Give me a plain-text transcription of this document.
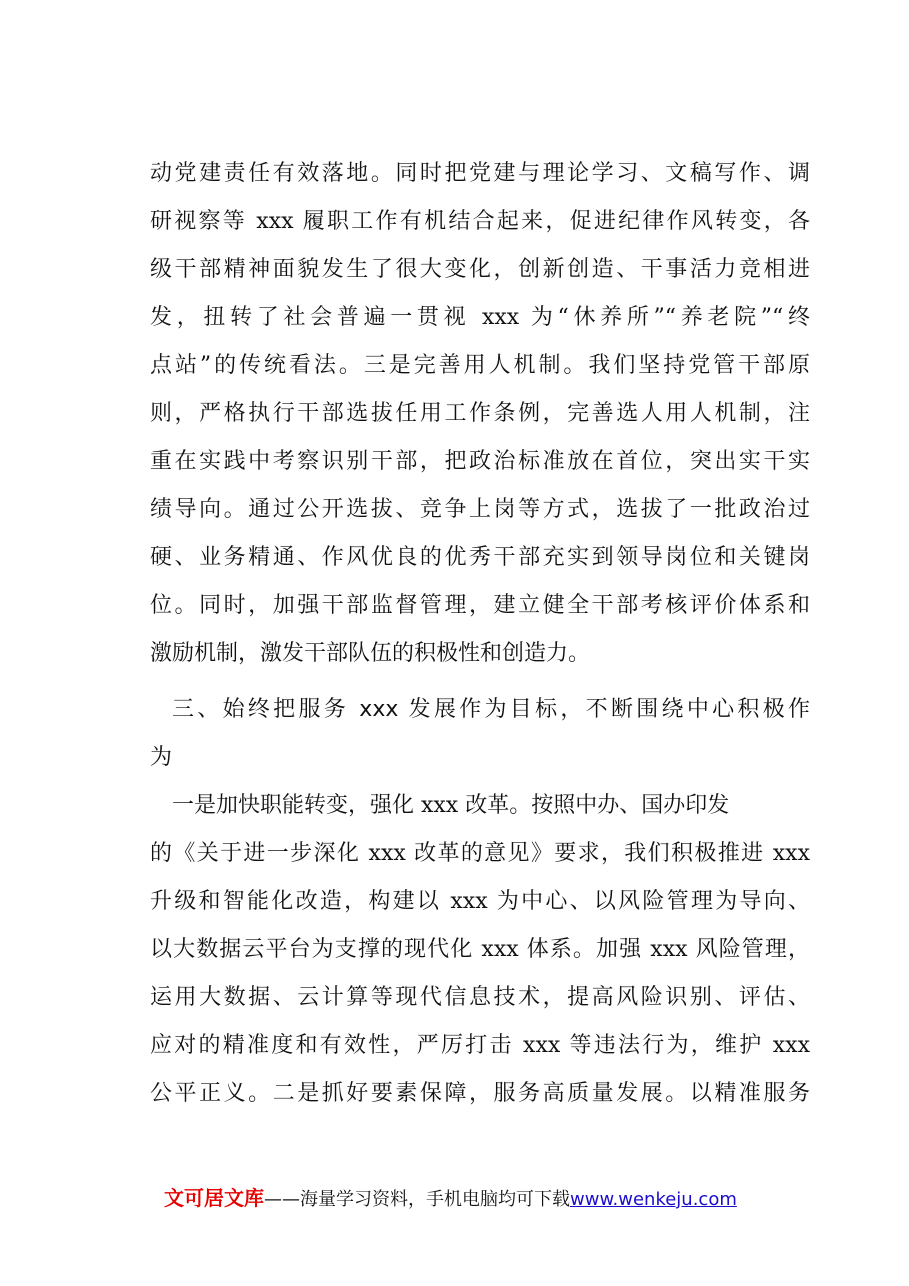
动党建责任有效落地。同时把党建与理论学习、文稿写作、调
研视察等 xxx 履职工作有机结合起来，促进纪律作风转变，各
级干部精神面貌发生了很大变化，创新创造、干事活力竞相进
发，扭转了社会普遍一贯视 xxx 为“休养所”“养老院”“终
点站”的传统看法。三是完善用人机制。我们坚持党管干部原
则，严格执行干部选拔任用工作条例，完善选人用人机制，注
重在实践中考察识别干部，把政治标准放在首位，突出实干实
绩导向。通过公开选拔、竞争上岗等方式，选拔了一批政治过
硬、业务精通、作风优良的优秀干部充实到领导岗位和关键岗
位。同时，加强干部监督管理，建立健全干部考核评价体系和
激励机制，激发干部队伍的积极性和创造力。
三、始终把服务 xxx 发展作为目标，不断围绕中心积极作
为
一是加快职能转变，强化 xxx 改革。按照中办、国办印发
的《关于进一步深化 xxx 改革的意见》要求，我们积极推进 xxx
升级和智能化改造，构建以 xxx 为中心、以风险管理为导向、
以大数据云平台为支撑的现代化 xxx 体系。加强 xxx 风险管理，
运用大数据、云计算等现代信息技术，提高风险识别、评估、
应对的精准度和有效性，严厉打击 xxx 等违法行为，维护 xxx
公平正义。二是抓好要素保障，服务高质量发展。以精准服务
文可居文库——海量学习资料，手机电脑均可下载www.wenkeju.com
